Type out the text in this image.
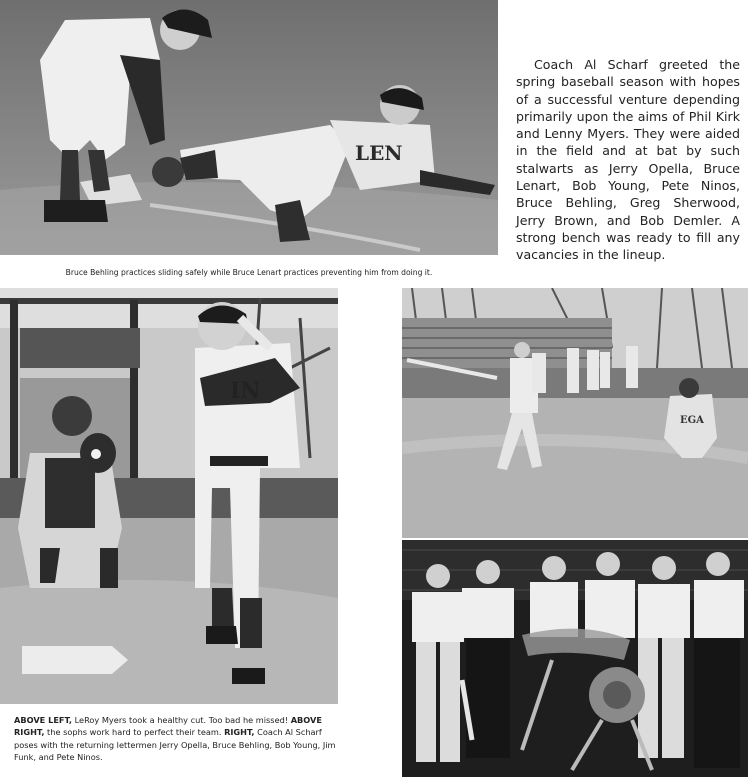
LEN
Coach Al Scharf greeted the spring baseball season with hopes of a successful venture depending primarily upon the aims of Phil Kirk and Lenny Myers. They were aided in the field and at bat by such stalwarts as Jerry Opella, Bruce Lenart, Bob Young, Pete Ninos, Bruce Behling, Greg Sherwood, Jerry Brown, and Bob Demler. A strong bench was ready to fill any vacancies in the lineup.
Bruce Behling practices sliding safely while Bruce Lenart practices preventing him from doing it.
IN
EGA
ABOVE LEFT, LeRoy Myers took a healthy cut. Too bad he missed! ABOVE RIGHT, the sophs work hard to perfect their team. RIGHT, Coach Al Scharf poses with the returning lettermen Jerry Opella, Bruce Behling, Bob Young, Jim Funk, and Pete Ninos.
